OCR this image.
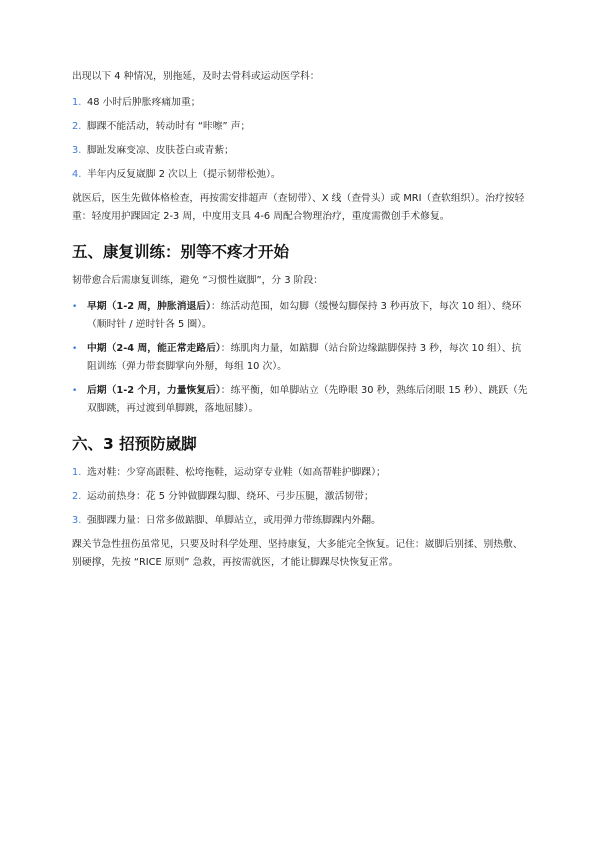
出现以下 4 种情况，别拖延，及时去骨科或运动医学科：

1. 48 小时后肿胀疼痛加重；
2. 脚踝不能活动，转动时有 “咔嚓” 声；
3. 脚趾发麻变凉、皮肤苍白或青紫；
4. 半年内反复崴脚 2 次以上（提示韧带松弛）。

就医后，医生先做体格检查，再按需安排超声（查韧带）、X 线（查骨头）或 MRI（查软组织）。治疗按轻重：轻度用护踝固定 2-3 周，中度用支具 4-6 周配合物理治疗，重度需微创手术修复。

五、康复训练：别等不疼才开始

韧带愈合后需康复训练，避免 “习惯性崴脚”，分 3 阶段：

• 早期（1-2 周，肿胀消退后）：练活动范围，如勾脚（缓慢勾脚保持 3 秒再放下，每次 10 组）、绕环（顺时针 / 逆时针各 5 圈）。
• 中期（2-4 周，能正常走路后）：练肌肉力量，如踮脚（站台阶边缘踮脚保持 3 秒，每次 10 组）、抗阻训练（弹力带套脚掌向外掰，每组 10 次）。
• 后期（1-2 个月，力量恢复后）：练平衡，如单脚站立（先睁眼 30 秒，熟练后闭眼 15 秒）、跳跃（先双脚跳，再过渡到单脚跳，落地屈膝）。
六、3 招预防崴脚
1. 选对鞋：少穿高跟鞋、松垮拖鞋，运动穿专业鞋（如高帮鞋护脚踝）；
2. 运动前热身：花 5 分钟做脚踝勾脚、绕环、弓步压腿，激活韧带；
3. 强脚踝力量：日常多做踮脚、单脚站立，或用弹力带练脚踝内外翻。

踝关节急性扭伤虽常见，只要及时科学处理、坚持康复，大多能完全恢复。记住：崴脚后别揉、别热敷、别硬撑，先按 “RICE 原则” 急救，再按需就医，才能让脚踝尽快恢复正常。
